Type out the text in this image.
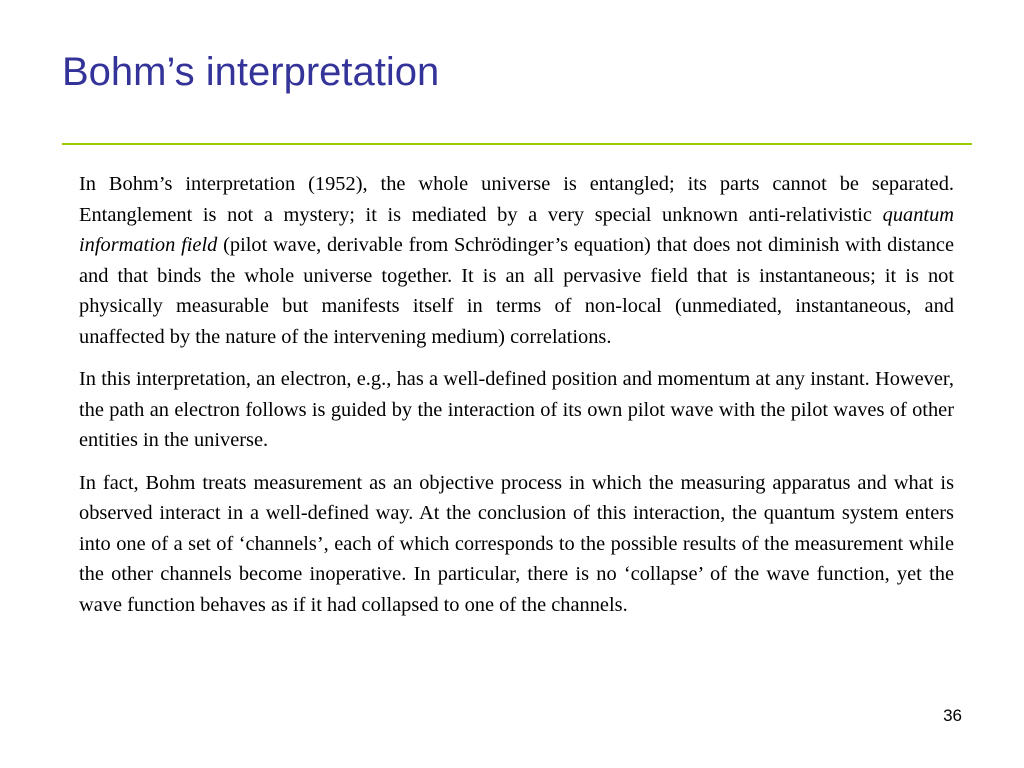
Bohm’s interpretation

In Bohm’s interpretation (1952), the whole universe is entangled; its parts cannot be separated. Entanglement is not a mystery; it is mediated by a very special unknown anti-relativistic quantum information field (pilot wave, derivable from Schrödinger’s equation) that does not diminish with distance and that binds the whole universe together. It is an all pervasive field that is instantaneous; it is not physically measurable but manifests itself in terms of non-local (unmediated, instantaneous, and unaffected by the nature of the intervening medium) correlations.

In this interpretation, an electron, e.g., has a well-defined position and momentum at any instant. However, the path an electron follows is guided by the interaction of its own pilot wave with the pilot waves of other entities in the universe.

In fact, Bohm treats measurement as an objective process in which the measuring apparatus and what is observed interact in a well-defined way. At the conclusion of this interaction, the quantum system enters into one of a set of ‘channels’, each of which corresponds to the possible results of the measurement while the other channels become inoperative. In particular, there is no ‘collapse’ of the wave function, yet the wave function behaves as if it had collapsed to one of the channels.

36
